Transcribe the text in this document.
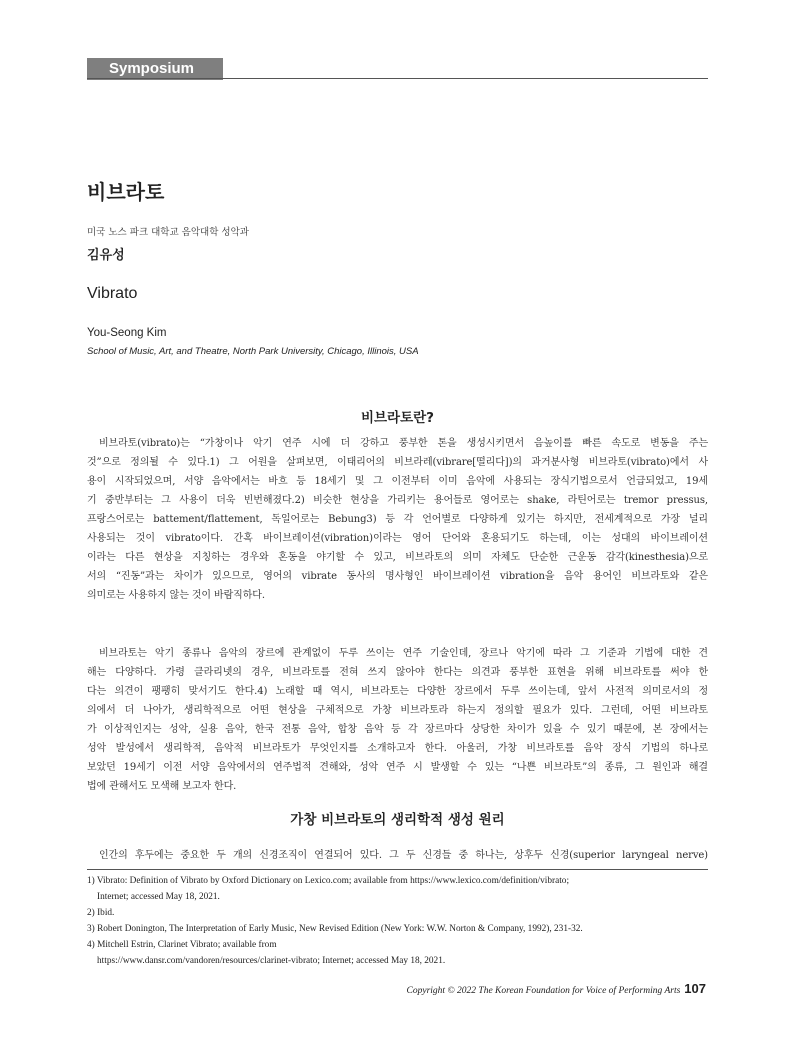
Symposium
비브라토
미국 노스 파크 대학교 음악대학 성악과
김유성
Vibrato
You-Seong Kim
School of Music, Art, and Theatre, North Park University, Chicago, Illinois, USA
비브라토란?
비브라토(vibrato)는 “가창이나 악기 연주 시에 더 강하고 풍부한 톤을 생성시키면서 음높이를 빠른 속도로 변동을 주는
것”으로 정의될 수 있다.1) 그 어원을 살펴보면, 이태리어의 비브라레(vibrare[떨리다])의 과거분사형 비브라토(vibrato)에서 사
용이 시작되었으며, 서양 음악에서는 바흐 등 18세기 및 그 이전부터 이미 음악에 사용되는 장식기법으로서 언급되었고, 19세
기 중반부터는 그 사용이 더욱 빈번해졌다.2) 비슷한 현상을 가리키는 용어들로 영어로는 shake, 라틴어로는 tremor pressus,
프랑스어로는 battement/flattement, 독일어로는 Bebung3) 등 각 언어별로 다양하게 있기는 하지만, 전세계적으로 가장 널리
사용되는 것이 vibrato이다. 간혹 바이브레이션(vibration)이라는 영어 단어와 혼용되기도 하는데, 이는 성대의 바이브레이션
이라는 다른 현상을 지칭하는 경우와 혼동을 야기할 수 있고, 비브라토의 의미 자체도 단순한 근운동 감각(kinesthesia)으로
서의 “진동”과는 차이가 있으므로, 영어의 vibrate 동사의 명사형인 바이브레이션 vibration을 음악 용어인 비브라토와 같은
의미로는 사용하지 않는 것이 바람직하다.
비브라토는 악기 종류나 음악의 장르에 관계없이 두루 쓰이는 연주 기술인데, 장르나 악기에 따라 그 기준과 기법에 대한 견
해는 다양하다. 가령 클라리넷의 경우, 비브라토를 전혀 쓰지 않아야 한다는 의견과 풍부한 표현을 위해 비브라토를 써야 한
다는 의견이 팽팽히 맞서기도 한다.4) 노래할 때 역시, 비브라토는 다양한 장르에서 두루 쓰이는데, 앞서 사전적 의미로서의 정
의에서 더 나아가, 생리학적으로 어떤 현상을 구체적으로 가창 비브라토라 하는지 정의할 필요가 있다. 그런데, 어떤 비브라토
가 이상적인지는 성악, 실용 음악, 한국 전통 음악, 합창 음악 등 각 장르마다 상당한 차이가 있을 수 있기 때문에, 본 장에서는
성악 발성에서 생리학적, 음악적 비브라토가 무엇인지를 소개하고자 한다. 아울러, 가창 비브라토를 음악 장식 기법의 하나로
보았던 19세기 이전 서양 음악에서의 연주법적 견해와, 성악 연주 시 발생할 수 있는 “나쁜 비브라토”의 종류, 그 원인과 해결
법에 관해서도 모색해 보고자 한다.
가창 비브라토의 생리학적 생성 원리
인간의 후두에는 중요한 두 개의 신경조직이 연결되어 있다. 그 두 신경들 중 하나는, 상후두 신경(superior laryngeal nerve)
1) Vibrato: Definition of Vibrato by Oxford Dictionary on Lexico.com; available from https://www.lexico.com/definition/vibrato;
Internet; accessed May 18, 2021.
2) Ibid.
3) Robert Donington, The Interpretation of Early Music, New Revised Edition (New York: W.W. Norton & Company, 1992), 231-32.
4) Mitchell Estrin, Clarinet Vibrato; available from
https://www.dansr.com/vandoren/resources/clarinet-vibrato; Internet; accessed May 18, 2021.
Copyright © 2022 The Korean Foundation for Voice of Performing Arts 107
